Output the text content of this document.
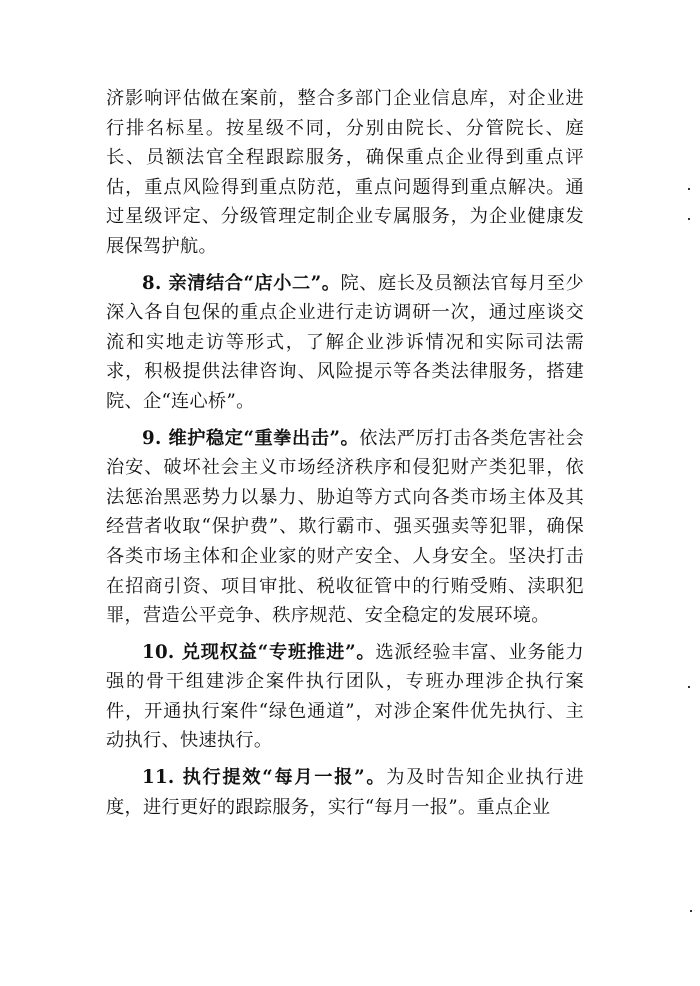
济影响评估做在案前，整合多部门企业信息库，对企业进行排名标星。按星级不同，分别由院长、分管院长、庭长、员额法官全程跟踪服务，确保重点企业得到重点评估，重点风险得到重点防范，重点问题得到重点解决。通过星级评定、分级管理定制企业专属服务，为企业健康发展保驾护航。

8. 亲清结合“店小二”。院、庭长及员额法官每月至少深入各自包保的重点企业进行走访调研一次，通过座谈交流和实地走访等形式，了解企业涉诉情况和实际司法需求，积极提供法律咨询、风险提示等各类法律服务，搭建院、企“连心桥”。

9. 维护稳定“重拳出击”。依法严厉打击各类危害社会治安、破坏社会主义市场经济秩序和侵犯财产类犯罪，依法惩治黑恶势力以暴力、胁迫等方式向各类市场主体及其经营者收取“保护费”、欺行霸市、强买强卖等犯罪，确保各类市场主体和企业家的财产安全、人身安全。坚决打击在招商引资、项目审批、税收征管中的行贿受贿、渎职犯罪，营造公平竞争、秩序规范、安全稳定的发展环境。

10. 兑现权益“专班推进”。选派经验丰富、业务能力强的骨干组建涉企案件执行团队，专班办理涉企执行案件，开通执行案件“绿色通道”，对涉企案件优先执行、主动执行、快速执行。

11. 执行提效“每月一报”。为及时告知企业执行进度，进行更好的跟踪服务，实行“每月一报”。重点企业
